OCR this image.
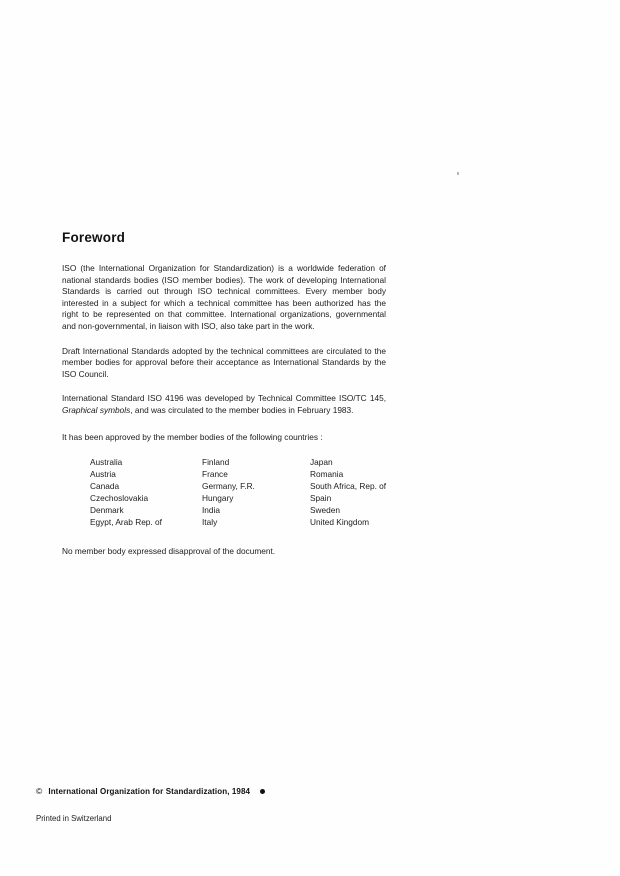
Foreword

ISO (the International Organization for Standardization) is a worldwide federation of national standards bodies (ISO member bodies). The work of developing International Standards is carried out through ISO technical committees. Every member body interested in a subject for which a technical committee has been authorized has the right to be represented on that committee. International organizations, governmental and non-governmental, in liaison with ISO, also take part in the work.

Draft International Standards adopted by the technical committees are circulated to the member bodies for approval before their acceptance as International Standards by the ISO Council.

International Standard ISO 4196 was developed by Technical Committee ISO/TC 145, Graphical symbols, and was circulated to the member bodies in February 1983.

It has been approved by the member bodies of the following countries :

Australia	Finland	Japan
Austria	France	Romania
Canada	Germany, F.R.	South Africa, Rep. of
Czechoslovakia	Hungary	Spain
Denmark	India	Sweden
Egypt, Arab Rep. of	Italy	United Kingdom

No member body expressed disapproval of the document.

© International Organization for Standardization, 1984
Printed in Switzerland
